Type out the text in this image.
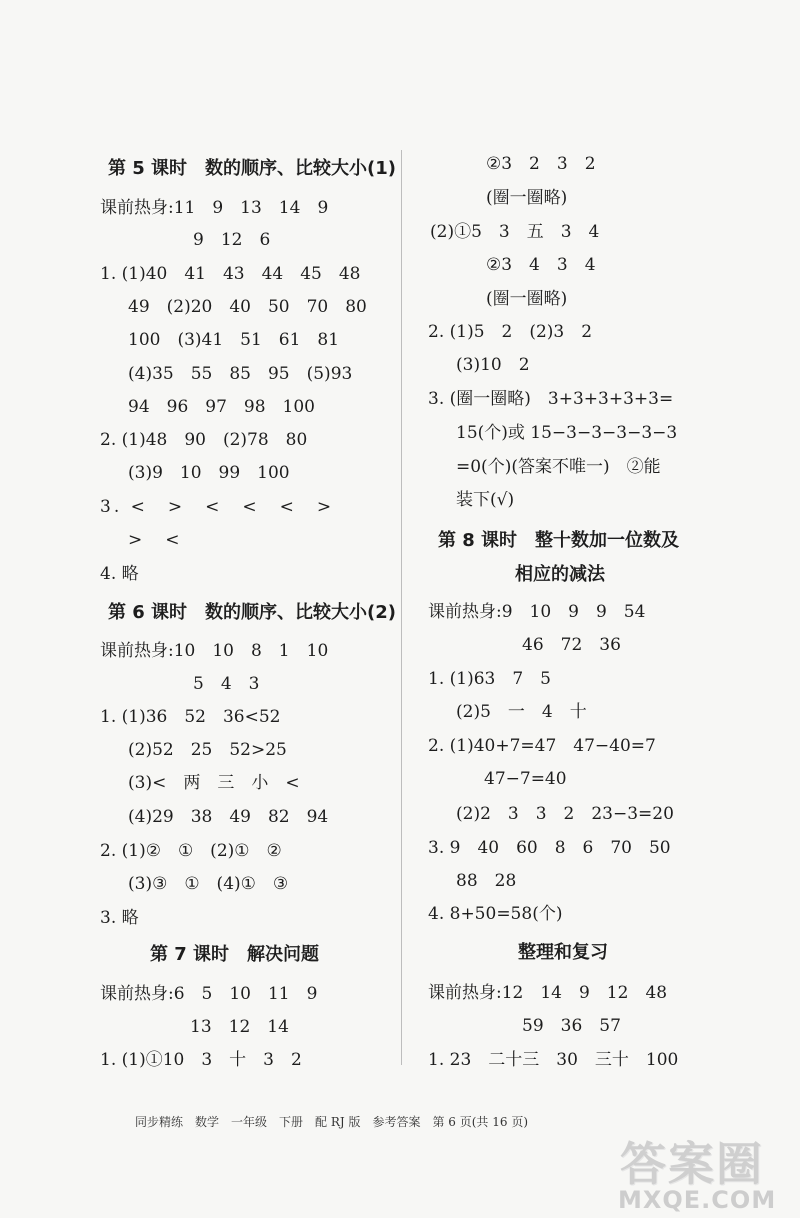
第 5 课时　数的顺序、比较大小(1)
课前热身:11　9　13　14　9
9　12　6
1. (1)40　41　43　44　45　48
49　(2)20　40　50　70　80
100　(3)41　51　61　81
(4)35　55　85　95　(5)93
94　96　97　98　100
2. (1)48　90　(2)78　80
(3)9　10　99　100
3. <　>　<　<　<　>
>　<
4. 略
第 6 课时　数的顺序、比较大小(2)
课前热身:10　10　8　1　10
5　4　3
1. (1)36　52　36<52
(2)52　25　52>25
(3)<　两　三　小　<
(4)29　38　49　82　94
2. (1)②　①　(2)①　②
(3)③　①　(4)①　③
3. 略
第 7 课时　解决问题
课前热身:6　5　10　11　9
13　12　14
1. (1)①10　3　十　3　2
②3　2　3　2
(圈一圈略)
(2)①5　3　五　3　4
②3　4　3　4
(圈一圈略)
2. (1)5　2　(2)3　2
(3)10　2
3. (圈一圈略)　3+3+3+3+3=
15(个)或 15−3−3−3−3−3
=0(个)(答案不唯一)　②能
装下(√)
第 8 课时　整十数加一位数及
相应的减法
课前热身:9　10　9　9　54
46　72　36
1. (1)63　7　5
(2)5　一　4　十
2. (1)40+7=47　47−40=7
47−7=40
(2)2　3　3　2　23−3=20
3. 9　40　60　8　6　70　50
88　28
4. 8+50=58(个)
整理和复习
课前热身:12　14　9　12　48
59　36　57
1. 23　二十三　30　三十　100
同步精练　数学　一年级　下册　配 RJ 版　参考答案　第 6 页(共 16 页)
答案圈
MXQE.COM
